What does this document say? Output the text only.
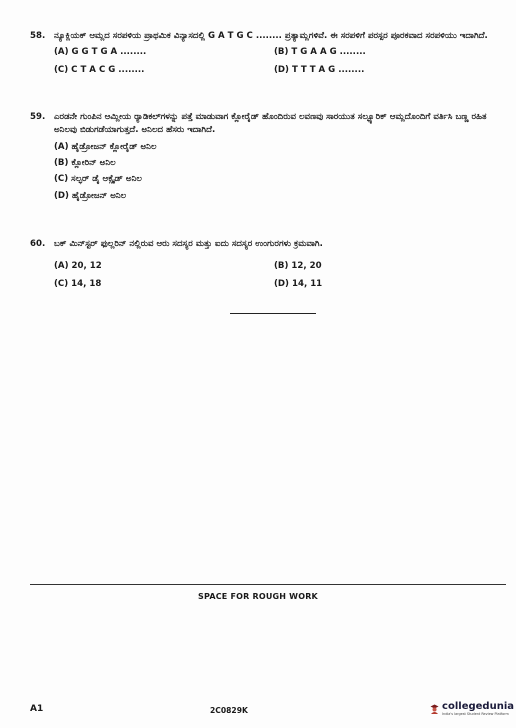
58.	ನ್ಯೂಕ್ಲಿಯಕ್ ಆಮ್ಲದ ಸರಪಳಿಯ ಪ್ರಾಥಮಿಕ ವಿನ್ಯಾಸದಲ್ಲಿ G A T G C ........ ಪ್ರತ್ಯಾಮ್ಲಗಳಿವೆ. ಈ ಸರಪಳಿಗೆ ಪರಸ್ಪರ ಪೂರಕವಾದ ಸರಪಳಿಯು ಇದಾಗಿದೆ.
(A) G G T G A ........	(B) T G A A G ........
(C) C T A C G ........	(D) T T T A G ........
59.	ಎರಡನೇ ಗುಂಪಿನ ಆಮ್ಲೀಯ ರ್‍ಯಾಡಿಕಲ್‌ಗಳನ್ನು ಪತ್ತೆ ಮಾಡುವಾಗ ಕ್ಲೋರೈಡ್ ಹೊಂದಿರುವ ಲವಣವು ಸಾರಯುತ ಸಲ್ಫ್ಯೂರಿಕ್ ಆಮ್ಲದೊಂದಿಗೆ ವರ್ತಿಸಿ ಬಣ್ಣ ರಹಿತ ಅನಿಲವು ಬಿಡುಗಡೆಯಾಗುತ್ತದೆ. ಅನಿಲದ ಹೆಸರು ಇದಾಗಿದೆ.
(A) ಹೈಡ್ರೋಜನ್ ಕ್ಲೋರೈಡ್ ಅನಿಲ
(B) ಕ್ಲೋರಿನ್ ಅನಿಲ
(C) ಸಲ್ಫರ್ ಡೈ ಆಕ್ಸೈಡ್ ಅನಿಲ
(D) ಹೈಡ್ರೋಜನ್ ಅನಿಲ
60.	ಬಕ್ ಮಿನ್‌ಸ್ಟರ್ ಫುಲ್ಲರಿನ್ ನಲ್ಲಿರುವ ಆರು ಸದಸ್ಯರ ಮತ್ತು ಐದು ಸದಸ್ಯರ ಉಂಗುರಗಳು ಕ್ರಮವಾಗಿ.
(A) 20, 12	(B) 12, 20
(C) 14, 18	(D) 14, 11
SPACE FOR ROUGH WORK
A1	2C0829K	collegedunia
India's largest Student Review Platform
